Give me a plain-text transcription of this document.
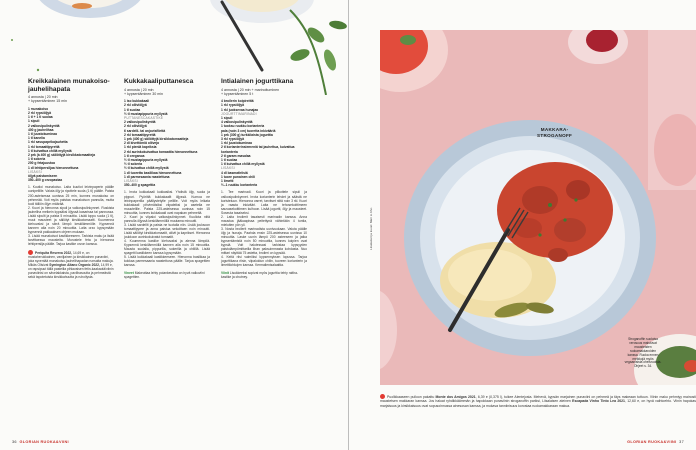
Kreikkalainen munakoiso-jauhelihapata
4 annosta | 20 min
+ kypsentäminen 15 min
1 munakoiso
2 rkl rypsiöljyä
1 tl + 1 tl suolaa
1 sipuli
2 valkosipulinkynttä
400 g jauhelihaa
1 tl juustokuminaa
1 tl kanelia
1 rkl savupaprikajauhetta
1 rkl tomaattipyrettä
1 tl kuivattua chiliä myllystä
2 prk (à 400 g) säilöttyjä kirsikkatomaatteja
1 tl sokeria
200 g fetajuustoa
1 dl lehtipersiljaa hienonnettuna
LISÄKSI
öljyä paistamiseen
350–400 g orzopastaa

1. Kuutioi munakoiso. Laita kuutiot leivinpaperin päälle uunipellille. Valuta öljy ja ripottele suola (1 tl) päälle. Paista 200-asteisessa uunissa 25 min, kunnes munakoiso on pehmeää. Voit myös paistaa munakoison pannulla, mutta tuoli tällöin öljyn määrää.

2. Kuori ja hienonna sipuli ja valkosipulinkynnet. Ruskista jauheliha melkein kypsäksi öljyssä kasarissa tai pannussa. Lisää sipulit ja paista 5 minuuttia. Lisää loppu suola (1 tl), muut mausteet ja säilötyt kirsikkatomaatit. Kuumenna kiehuvaksi ja siirrä lämpö keskilämmölle. Kypsennä kannen alla noin 20 minuuttia. Laita orzo kypsymään kypsennä pakkauksen ohjeen mukaan.

3. Lisää munakoisot kastikkeeseen. Tarkista maku ja lisää tarvittaessa mausteita. Murustele feta ja hienonna lehtipersilja päälle. Tarjoa kastike orzon kanssa.

Periquita Reserva 2022, 14,69 e, on mustaherukkainen, vaniljainen ja kirsikkainen punaviini, joka syventää munakoiso-jauhelihapadan runsaita makuja. Mikäs Olisivat Symington Altano Organic 2022, 14,99 e, on rapsipuut tällä pasteilla pihlavaisen fetin-kaakaotä/viinin punaviinisi on sävelakkaista, pavlihasoutta ja pehmeästä sekä tapotetuista kirsikkahuutta ja ruhoilysta.
Kukkakaaliputtanesca
4 annosta | 20 min
+ kypsentäminen 30 min
1 iso kukkakaali
2 rkl oliiviöljyä
1 tl suolaa
½ tl mustapippuria myllystä
PUTTANESCAKASTIKE
2 valkosipulinkynttä
2 rkl oliiviöljyä
6 sardelli- tai anjovisfilettä
2 rkl tomaattipyrettä
1 prk (400 g) säilöttyjä kirsikkatomaatteja
2 dl kivettömiä oliiveja
1 rkl pieniä kapriksia
2 rkl aurinkokuivattua tomaattia hienonnettuna
1 tl oreganoa
½ tl mustapippuria myllystä
½ tl sokeria
½ tl kuivattua chiliä myllystä
1 dl tuoretta basilikaa hienonnettuna
1 dl parmesaania raastettuna
LISÄKSI
350–400 g spagettia

1. Irrota kukkakaali kukkasiksi. Yhdistä öljy, suola ja pippuri. Pyörittä kukkakaalit öljyssä. Kumoa ne leivinpaperilla päällystetylle pellille. Voit myös leikata kukkakaali pihvimäisiksi viipaleiksi ja asetella ne muuutelille. Paista 225-asteisessa uunissa noin 15 minuuttia, kunnes kukkakaali ovat napakan pehmeitä.

2. Kuori ja viipaloi valkosipulinkynnet. Kuullota niitä pannulla öljyssä keskilämmöllä muutama minuutti.

3. Lisää sardellit ja paista ne tuotalla niin. Lisää jouksoon tomaattipyree ja anna paistua sekoittaen noin minuutti. Lisää säilötyt kirsikkatomaatit, oliivit ja kaprikset. Hienonna joukkoon aurinkokuivatut tomaatit.

4. Kuumenna kastike kiehuvaksi ja alenna lämpöä. Kypsennä keskilämmöllä kannen alla noin 15 minuuttia. Mausta suolalla, pippurilla, sokerilla ja chilillä. Lisää spagetti kastikkeen kanssa kypsymään.

5. Lisää kukkakaali kastikkeeseen. Hienonna basilikaa ja kokkaa parmesaania raastettuna päälle. Tarjoa spagettien kanssa.

Vineet Makeuttaa lehty poiankeuttaa on hyvä valkoviini spagettien.
Intialainen jogurttikana
4 annosta | 20 min + marinoituminen
+ kypsentäminen 5 t
4 broilerin koipireittä
1 rkl rypsiöljyä
1 rkl juoksevaa hunajaa
JOGURTTIMARINADI
1 sipuli
4 valkosipulinkynttä
1 tuoksu ruukku korianteria
pala (noin 3 cm) tuoretta inkivääriä
1 prk (300 g) turkkilaista jogurttia
3 rkl rypsiöljyä
1 rkl juustokuminaa
2 tl korianterinsiemeniä tai jauhettua, kuivattua korianteria
2 tl garam masalaa
1 tl suolaa
1 tl kuivattua chiliä myllystä
LISÄKSI
4 dl basmatiriisiä
1 tuore punainen chili
1 limetti
½–1 ruukku korianteria

1. Tee marinadi. Kuori ja pilkottele sipuli ja valkosipulinkynnet. Irrota korianterin lehdet ja säästä ne koristeluun. Hienonna varret, tarvitset niitä noin 3 rkl. Kuori ja raasta inkivääri. Laita ne tehosekoittimeen sauvasekoittimen kulhoon. Lisää jogurtti, öljy ja mausteet. Soseuta tasaiseksi.

2. Laita broilerit tasaisesti marinadin kanssa. Anna maustua jääkaapissa peitettynä vähintään 4 tuntia, mieluiten yön yli.

3. Nosta broilerit marinadista uunivuokaan. Valuta päälle öljy ja hunaja. Paahda ensin 225-asteisessa uunissa 10 minuuttia. Laske uunin lämpö 200 asteeseen ja jatka kypsentämistä noin 50 minuuttia, kunnes koipien ovat kypsiä. Voit halutessasi tarkistaa kypsyyden paistolämpömittarilla lihan paksuimmasta kohdasta. Nuo mittari näyttää 75 astetta, broileri on kypsää.

4. Keitä riisi valmiiksi kypsennyksen lopussa. Tarjoa jogurttikana riisin, viipaloidun chilin, tuoreen korianterin ja limettilohkojen kanssa. Kermalienisalaattia.

Viinit Lisukkeeksi sopivat myös jogurttia tehty raitha-kastike ja chutney.
36 GLORIAN RUOKA&VIINI
Liisalaiset ja kuvat: Mari Li Aho
MAKKARA-
STROGANOFF
Stroganoffin suolaisa verosuus maistuvat mausteisten ruokamakkaroiden kanssa. Ruoka ennen meikkojä myös vegaanisista oheisruoista. Ohjeet s. 34.
Puolikkaaseen pulloon pakattu Monte dos Amigos 2021, 6,39 e (0,375 l), tuikee Alentejosta. Mehevä, kypsän marjainen punaviini on pehmeä ja täys makeaan tuttuun. Viinin maku pehmiyy mainosti maustetsen makkaran kanssa. Jos haluat ryhdikkäämmän ja hapokkaan punaviinin stroganoffin pariksi, Liisalaisen ateinen Escapada Vinho Tinto Lea 2021, 12,60 e, on hyvä vaihtoehto. Viinin hapokas marjaisuus ja kirsikkaisuus ovat sopusoinnussa ainesosan kanssa, ja mukava tanniinisuus korostaa ruokamakkaraan makua.
GLORIAN RUOKA&VIINI 37
